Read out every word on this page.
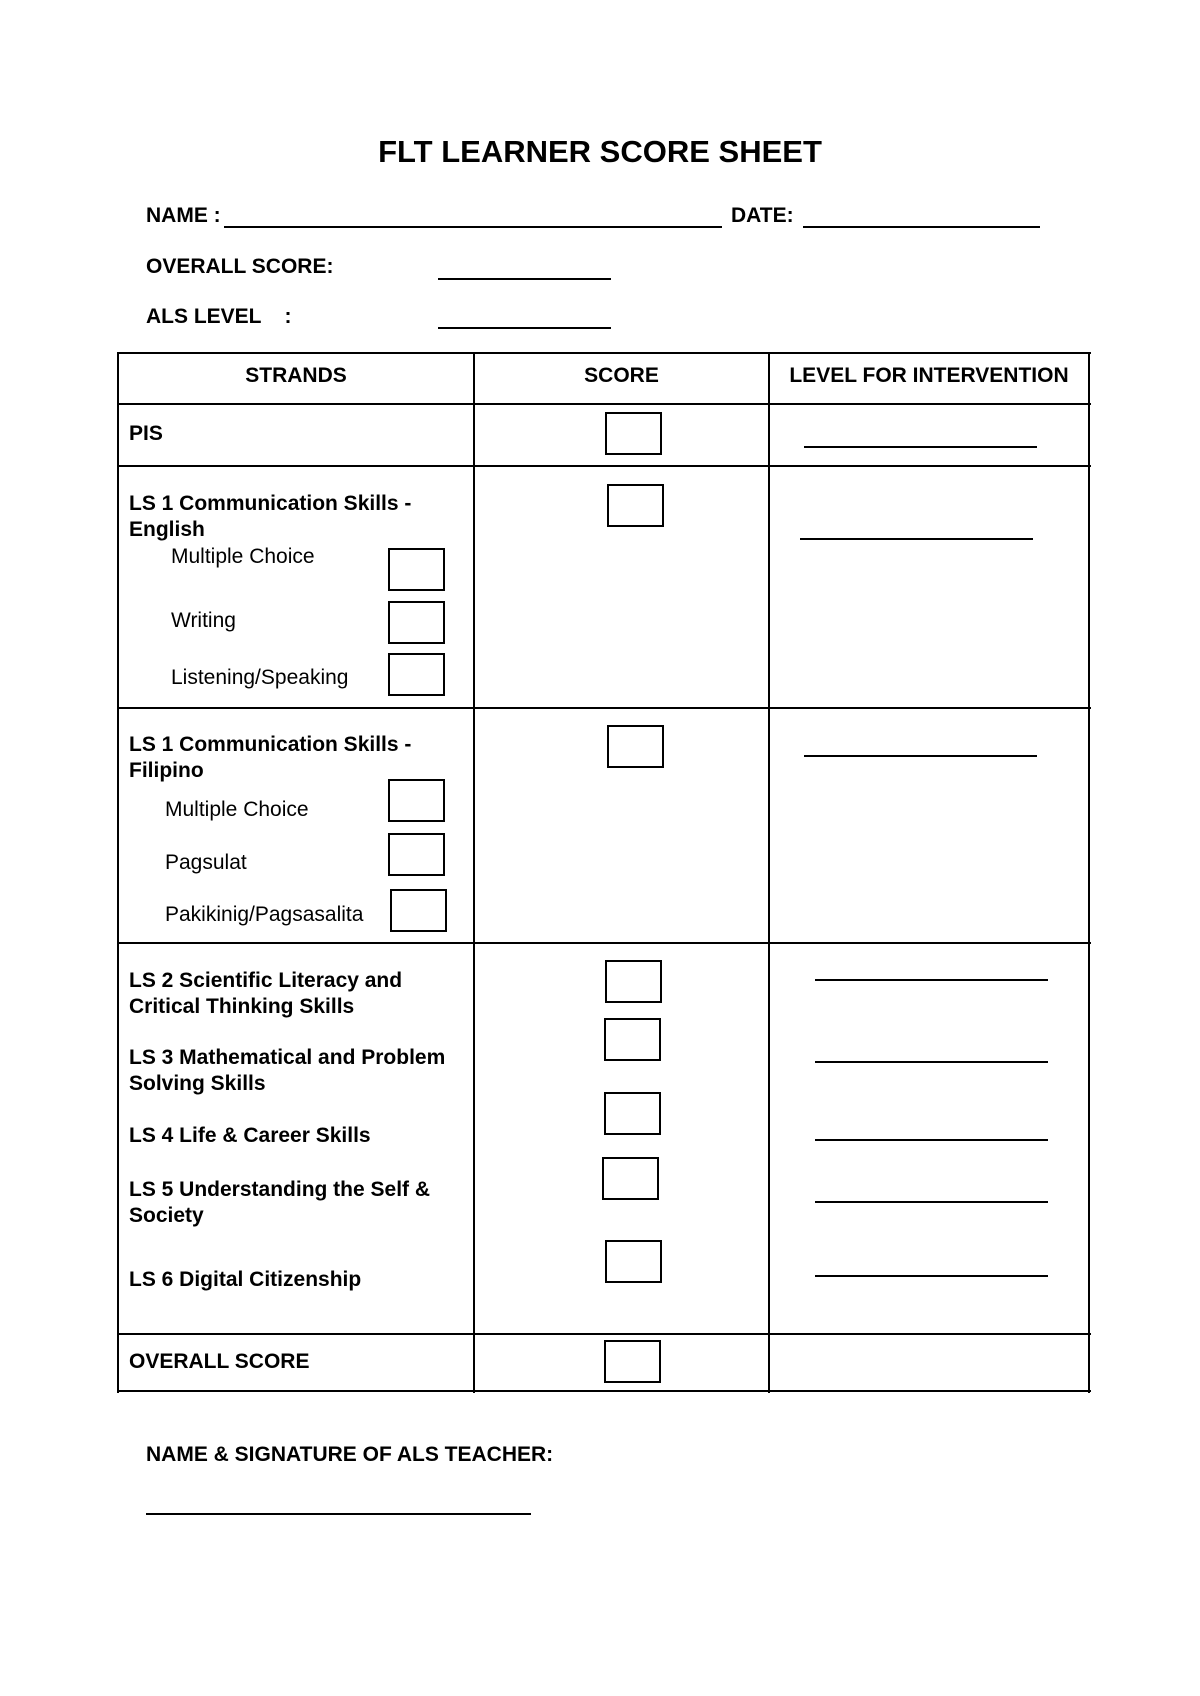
FLT LEARNER SCORE SHEET
NAME :	DATE:
OVERALL SCORE:
ALS LEVEL    :
STRANDS	SCORE	LEVEL FOR INTERVENTION
PIS
LS 1 Communication Skills - English
Multiple Choice
Writing
Listening/Speaking
LS 1 Communication Skills - Filipino
Multiple Choice
Pagsulat
Pakikinig/Pagsasalita
LS 2 Scientific Literacy and Critical Thinking Skills
LS 3 Mathematical and Problem Solving Skills
LS 4 Life & Career Skills
LS 5 Understanding the Self & Society
LS 6 Digital Citizenship
OVERALL SCORE
NAME & SIGNATURE OF ALS TEACHER:
